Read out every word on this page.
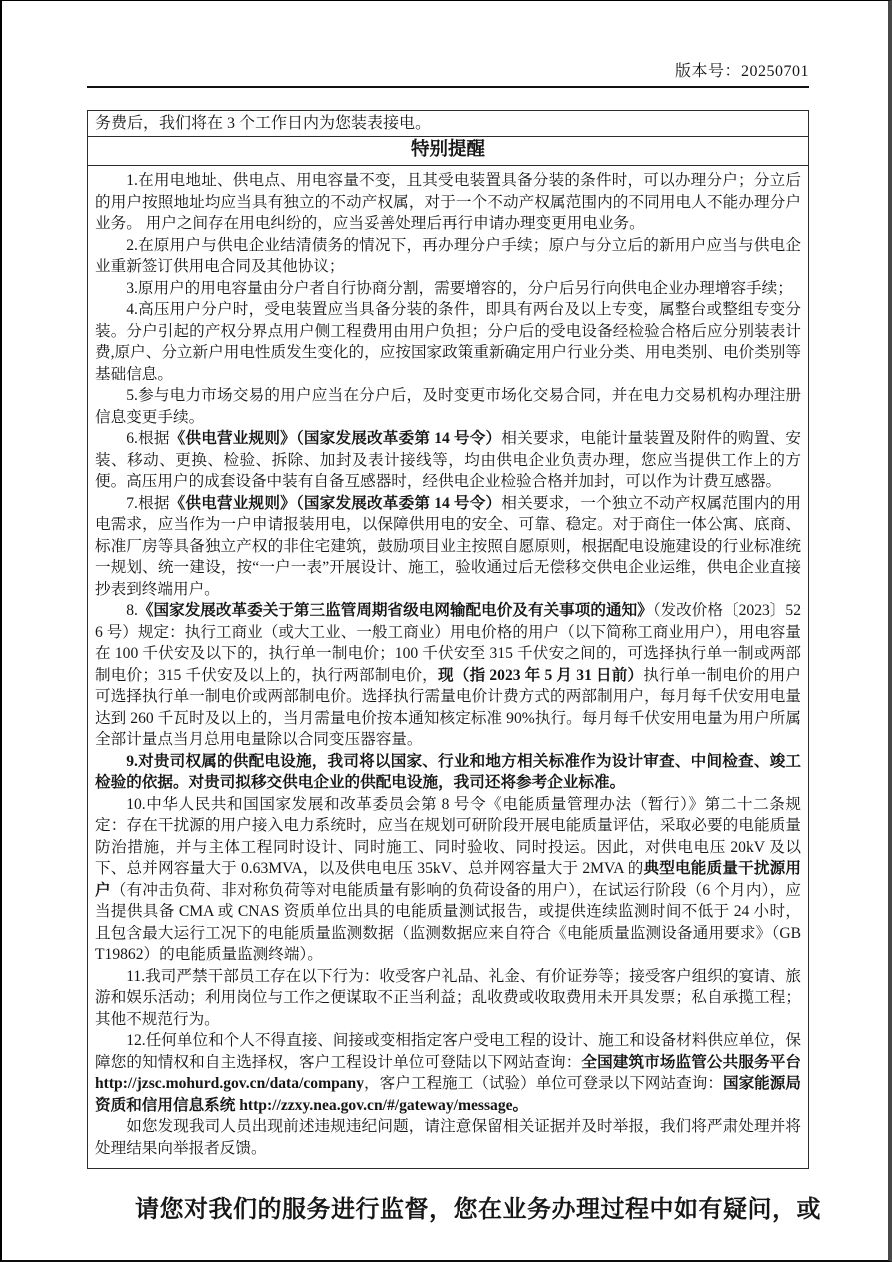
版本号：20250701
务费后，我们将在 3 个工作日内为您装表接电。
特别提醒

1.在用电地址、供电点、用电容量不变，且其受电装置具备分装的条件时，可以办理分户；分立后的用户按照地址均应当具有独立的不动产权属，对于一个不动产权属范围内的不同用电人不能办理分户业务。 用户之间存在用电纠纷的，应当妥善处理后再行申请办理变更用电业务。

2.在原用户与供电企业结清债务的情况下，再办理分户手续；原户与分立后的新用户应当与供电企业重新签订供用电合同及其他协议；

3.原用户的用电容量由分户者自行协商分割，需要增容的，分户后另行向供电企业办理增容手续；

4.高压用户分户时，受电装置应当具备分装的条件，即具有两台及以上专变，属整台或整组专变分装。分户引起的产权分界点用户侧工程费用由用户负担；分户后的受电设备经检验合格后应分别装表计费,原户、分立新户用电性质发生变化的，应按国家政策重新确定用户行业分类、用电类别、电价类别等基础信息。

5.参与电力市场交易的用户应当在分户后，及时变更市场化交易合同，并在电力交易机构办理注册信息变更手续。

6.根据《供电营业规则》（国家发展改革委第 14 号令）相关要求，电能计量装置及附件的购置、安装、移动、更换、检验、拆除、加封及表计接线等，均由供电企业负责办理，您应当提供工作上的方便。高压用户的成套设备中装有自备互感器时，经供电企业检验合格并加封，可以作为计费互感器。

7.根据《供电营业规则》（国家发展改革委第 14 号令）相关要求，一个独立不动产权属范围内的用电需求，应当作为一户申请报装用电，以保障供用电的安全、可靠、稳定。对于商住一体公寓、底商、标准厂房等具备独立产权的非住宅建筑，鼓励项目业主按照自愿原则，根据配电设施建设的行业标准统一规划、统一建设，按“一户一表”开展设计、施工，验收通过后无偿移交供电企业运维，供电企业直接抄表到终端用户。

8.《国家发展改革委关于第三监管周期省级电网输配电价及有关事项的通知》（发改价格〔2023〕526 号）规定：执行工商业（或大工业、一般工商业）用电价格的用户（以下简称工商业用户），用电容量在 100 千伏安及以下的，执行单一制电价；100 千伏安至 315 千伏安之间的，可选择执行单一制或两部制电价；315 千伏安及以上的，执行两部制电价，现（指 2023 年 5 月 31 日前）执行单一制电价的用户可选择执行单一制电价或两部制电价。选择执行需量电价计费方式的两部制用户，每月每千伏安用电量达到 260 千瓦时及以上的，当月需量电价按本通知核定标准 90%执行。每月每千伏安用电量为用户所属全部计量点当月总用电量除以合同变压器容量。

9.对贵司权属的供配电设施，我司将以国家、行业和地方相关标准作为设计审查、中间检查、竣工检验的依据。对贵司拟移交供电企业的供配电设施，我司还将参考企业标准。

10.中华人民共和国国家发展和改革委员会第 8 号令《电能质量管理办法（暂行）》第二十二条规定：存在干扰源的用户接入电力系统时，应当在规划可研阶段开展电能质量评估，采取必要的电能质量防治措施，并与主体工程同时设计、同时施工、同时验收、同时投运。因此，对供电电压 20kV 及以下、总并网容量大于 0.63MVA，以及供电电压 35kV、总并网容量大于 2MVA 的典型电能质量干扰源用户（有冲击负荷、非对称负荷等对电能质量有影响的负荷设备的用户），在试运行阶段（6 个月内），应当提供具备 CMA 或 CNAS 资质单位出具的电能质量测试报告，或提供连续监测时间不低于 24 小时，且包含最大运行工况下的电能质量监测数据（监测数据应来自符合《电能质量监测设备通用要求》（GBT19862）的电能质量监测终端）。

11.我司严禁干部员工存在以下行为：收受客户礼品、礼金、有价证券等；接受客户组织的宴请、旅游和娱乐活动；利用岗位与工作之便谋取不正当利益；乱收费或收取费用未开具发票；私自承揽工程；其他不规范行为。

12.任何单位和个人不得直接、间接或变相指定客户受电工程的设计、施工和设备材料供应单位，保障您的知情权和自主选择权，客户工程设计单位可登陆以下网站查询：全国建筑市场监管公共服务平台 http://jzsc.mohurd.gov.cn/data/company，客户工程施工（试验）单位可登录以下网站查询：国家能源局资质和信用信息系统 http://zzxy.nea.gov.cn/#/gateway/message。

如您发现我司人员出现前述违规违纪问题，请注意保留相关证据并及时举报，我们将严肃处理并将处理结果向举报者反馈。

请您对我们的服务进行监督，您在业务办理过程中如有疑问，或
